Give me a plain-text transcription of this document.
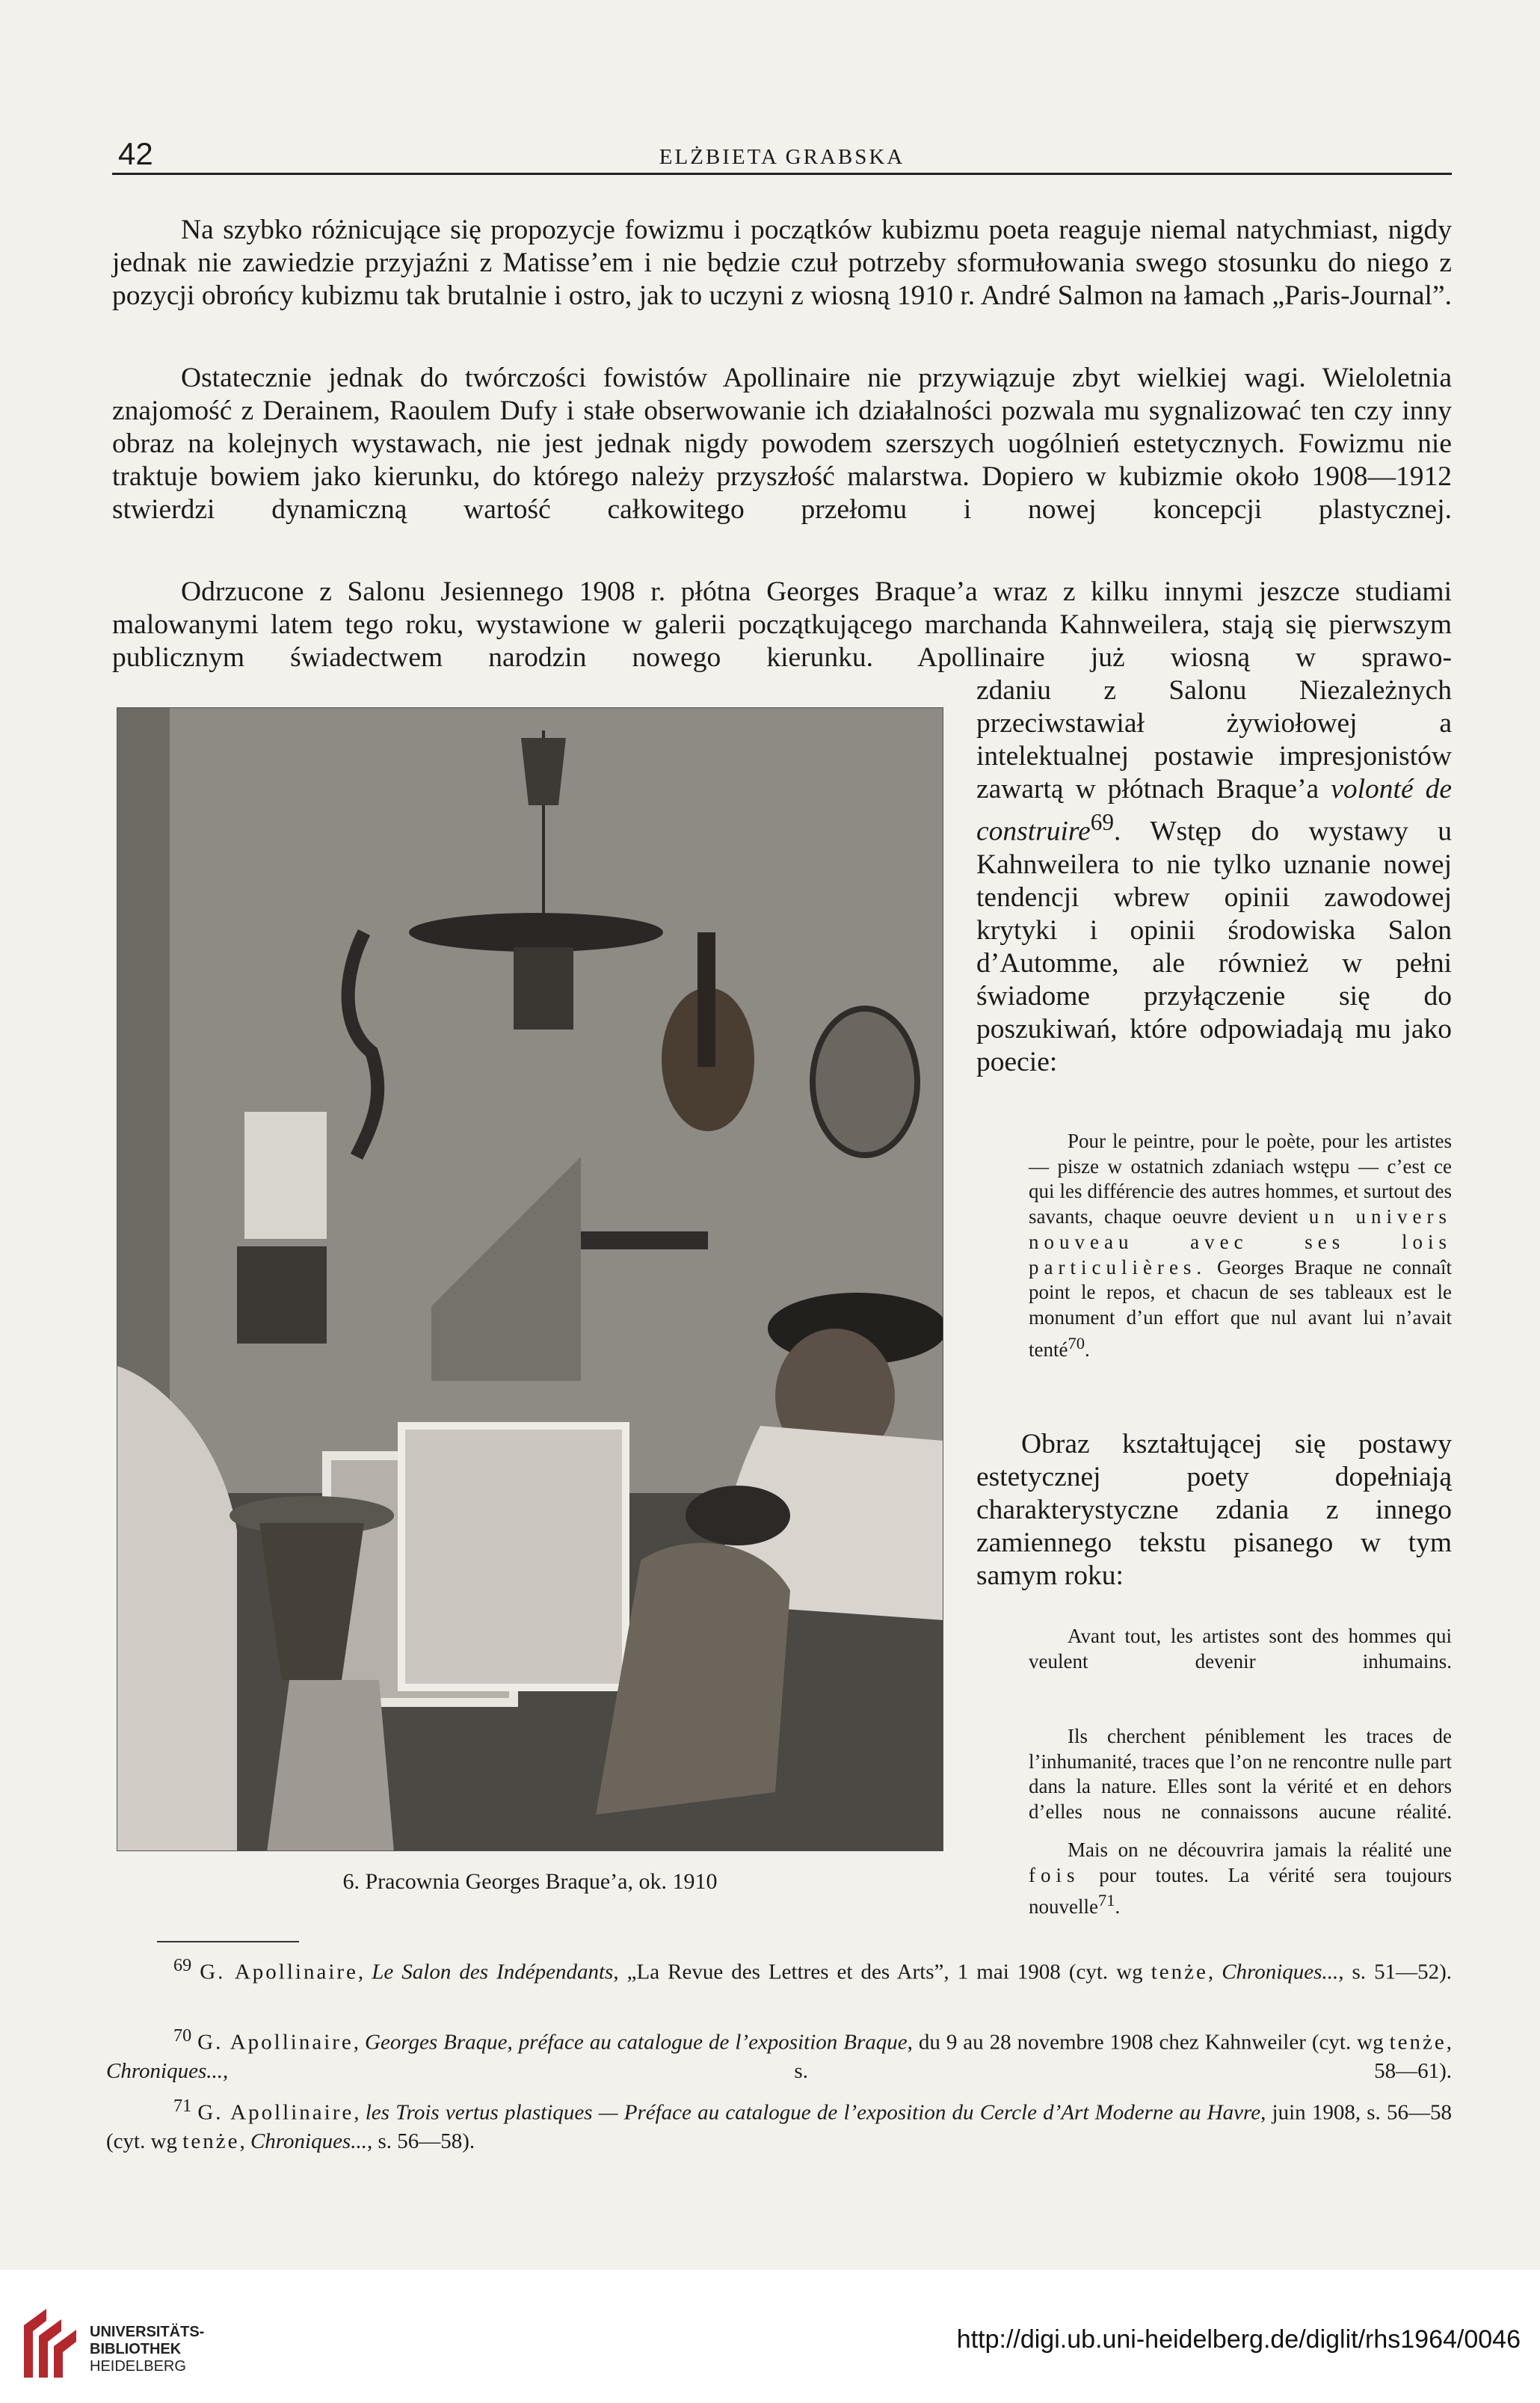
42	ELŻBIETA GRABSKA

Na szybko różnicujące się propozycje fowizmu i początków kubizmu poeta reaguje niemal natychmiast, nigdy jednak nie zawiedzie przyjaźni z Matisse’em i nie będzie czuł potrzeby sformułowania swego stosunku do niego z pozycji obrońcy kubizmu tak brutalnie i ostro, jak to uczyni z wiosną 1910 r. André Salmon na łamach „Paris-Journal”.

Ostatecznie jednak do twórczości fowistów Apollinaire nie przywiązuje zbyt wielkiej wagi. Wieloletnia znajomość z Derainem, Raoulem Dufy i stałe obserwowanie ich działalności pozwala mu sygnalizować ten czy inny obraz na kolejnych wystawach, nie jest jednak nigdy powodem szerszych uogólnień estetycznych. Fowizmu nie traktuje bowiem jako kierunku, do którego należy przyszłość malarstwa. Dopiero w kubizmie około 1908—1912 stwierdzi dynamiczną wartość całkowitego przełomu i nowej koncepcji plastycznej.

Odrzucone z Salonu Jesiennego 1908 r. płótna Georges Braque’a wraz z kilku innymi jeszcze studiami malowanymi latem tego roku, wystawione w galerii początkującego marchanda Kahnweilera, stają się pierwszym publicznym świadectwem narodzin nowego kierunku. Apollinaire już wiosną w sprawo-

zdaniu z Salonu Niezależnych przeciwstawiał żywiołowej a intelektualnej postawie impresjonistów zawartą w płótnach Braque’a volonté de construire$^{69}$. Wstęp do wystawy u Kahnweilera to nie tylko uznanie nowej tendencji wbrew opinii zawodowej krytyki i opinii środowiska Salon d’Automme, ale również w pełni świadome przyłączenie się do poszukiwań, które odpowiadają mu jako poecie:

Pour le peintre, pour le poète, pour les artistes — pisze w ostatnich zdaniach wstępu — c’est ce qui les différencie des autres hommes, et surtout des savants, chaque oeuvre devient un univers nouveau avec ses lois particulières. Georges Braque ne connaît point le repos, et chacun de ses tableaux est le monument d’un effort que nul avant lui n’avait tenté$^{70}$.

Obraz kształtującej się postawy estetycznej poety dopełniają charakterystyczne zdania z innego zamiennego tekstu pisanego w tym samym roku:

Avant tout, les artistes sont des hommes qui veulent devenir inhumains.

Ils cherchent péniblement les traces de l’inhumanité, traces que l’on ne rencontre nulle part dans la nature. Elles sont la vérité et en dehors d’elles nous ne connaissons aucune réalité.

Mais on ne découvrira jamais la réalité une fois pour toutes. La vérité sera toujours nouvelle$^{71}$.

6. Pracownia Georges Braque’a, ok. 1910

$^{69}$ G. Apollinaire, Le Salon des Indépendants, „La Revue des Lettres et des Arts”, 1 mai 1908 (cyt. wg tenże, Chroniques..., s. 51—52).

$^{70}$ G. Apollinaire, Georges Braque, préface au catalogue de l’exposition Braque, du 9 au 28 novembre 1908 chez Kahnweiler (cyt. wg tenże, Chroniques..., s. 58—61).

$^{71}$ G. Apollinaire, les Trois vertus plastiques — Préface au catalogue de l’exposition du Cercle d’Art Moderne au Havre, juin 1908, s. 56—58 (cyt. wg tenże, Chroniques..., s. 56—58).

UNIVERSITÄTS-
BIBLIOTHEK
HEIDELBERG
http://digi.ub.uni-heidelberg.de/diglit/rhs1964/0046
